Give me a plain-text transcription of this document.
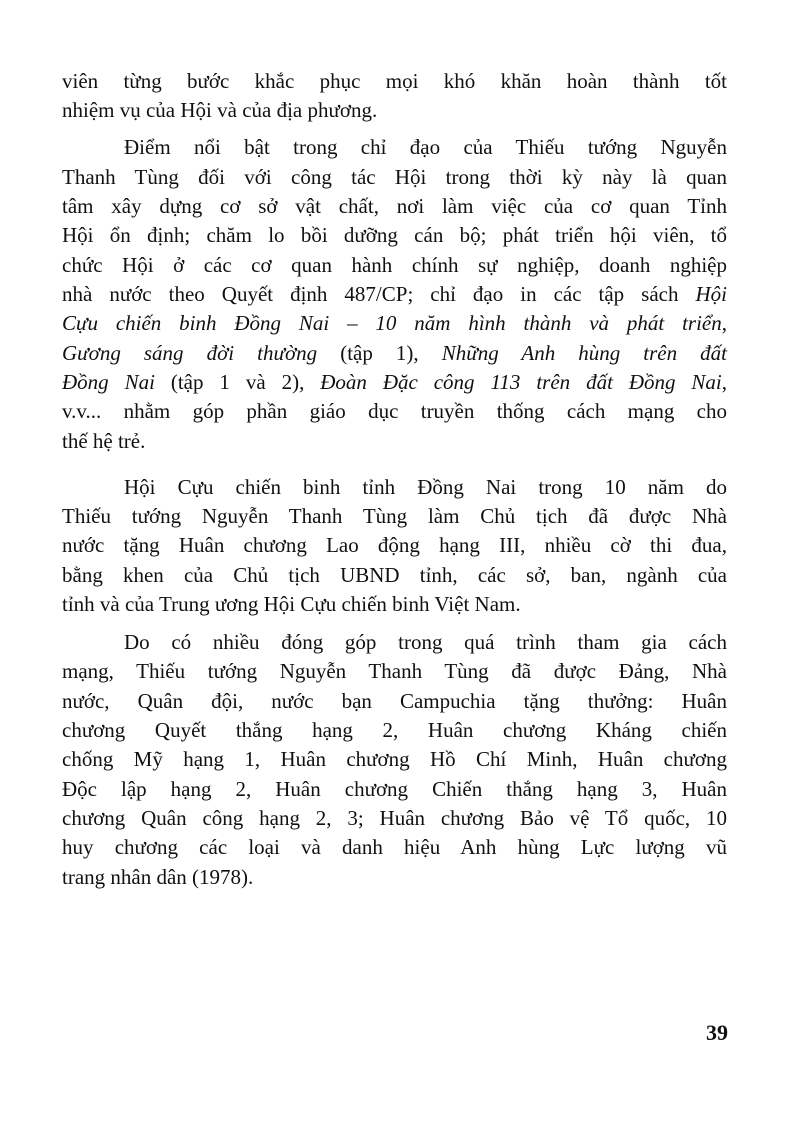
viên từng bước khắc phục mọi khó khăn hoàn thành tốt
nhiệm vụ của Hội và của địa phương.
Điểm nổi bật trong chỉ đạo của Thiếu tướng Nguyễn
Thanh Tùng đối với công tác Hội trong thời kỳ này là quan
tâm xây dựng cơ sở vật chất, nơi làm việc của cơ quan Tỉnh
Hội ổn định; chăm lo bồi dưỡng cán bộ; phát triển hội viên, tổ
chức Hội ở các cơ quan hành chính sự nghiệp, doanh nghiệp
nhà nước theo Quyết định 487/CP; chỉ đạo in các tập sách Hội
Cựu chiến binh Đồng Nai – 10 năm hình thành và phát triển,
Gương sáng đời thường (tập 1), Những Anh hùng trên đất
Đồng Nai (tập 1 và 2), Đoàn Đặc công 113 trên đất Đồng Nai,
v.v... nhằm góp phần giáo dục truyền thống cách mạng cho
thế hệ trẻ.
Hội Cựu chiến binh tỉnh Đồng Nai trong 10 năm do
Thiếu tướng Nguyễn Thanh Tùng làm Chủ tịch đã được Nhà
nước tặng Huân chương Lao động hạng III, nhiều cờ thi đua,
bằng khen của Chủ tịch UBND tỉnh, các sở, ban, ngành của
tỉnh và của Trung ương Hội Cựu chiến binh Việt Nam.
Do có nhiều đóng góp trong quá trình tham gia cách
mạng, Thiếu tướng Nguyễn Thanh Tùng đã được Đảng, Nhà
nước, Quân đội, nước bạn Campuchia tặng thưởng: Huân
chương Quyết thắng hạng 2, Huân chương Kháng chiến
chống Mỹ hạng 1, Huân chương Hồ Chí Minh, Huân chương
Độc lập hạng 2, Huân chương Chiến thắng hạng 3, Huân
chương Quân công hạng 2, 3; Huân chương Bảo vệ Tổ quốc, 10
huy chương các loại và danh hiệu Anh hùng Lực lượng vũ
trang nhân dân (1978).
39
